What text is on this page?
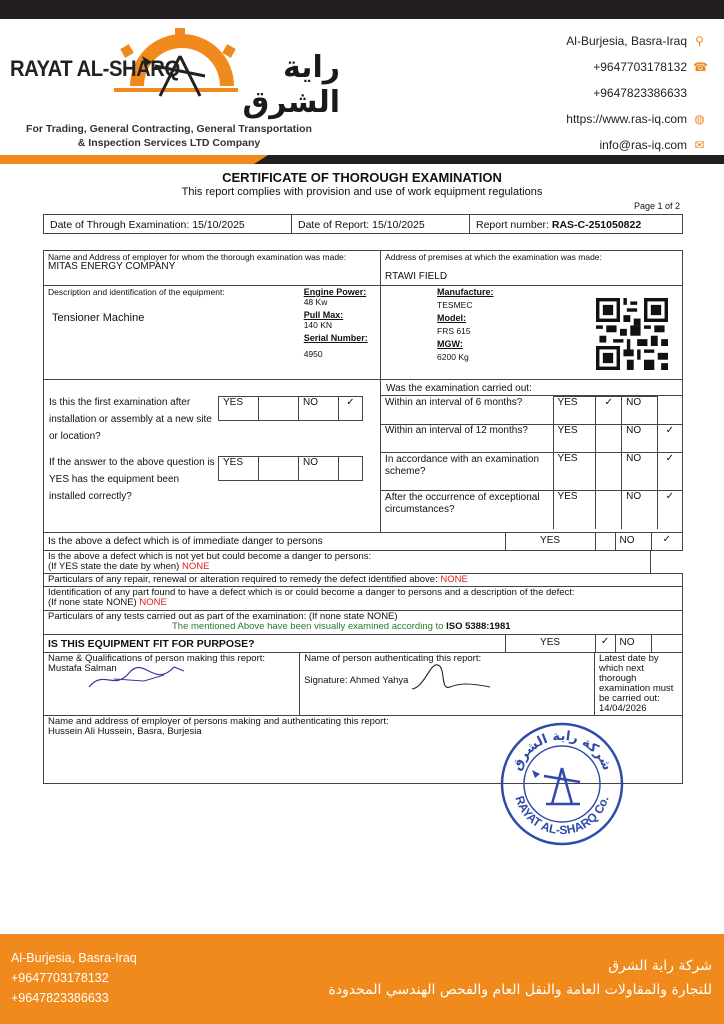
RAYAT AL-SHARQ	راية الشرق
For Trading, General Contracting, General Transportation
& Inspection Services LTD Company
Al-Burjesia, Basra-Iraq ⚲
+9647703178132 ☎
+9647823386633
https://www.ras-iq.com ◍
info@ras-iq.com ✉
CERTIFICATE OF THOROUGH EXAMINATION
This report complies with provision and use of work equipment regulations
Page 1 of 2
Date of Through Examination: 15/10/2025	Date of Report: 15/10/2025	Report number: RAS-C-251050822
Name and Address of employer for whom the thorough examination was made:
MITAS ENERGY COMPANY

Address of premises at which the examination was made:
RTAWI FIELD

Description and identification of the equipment:
Tensioner Machine

Engine Power:
48 Kw
Pull Max:
140 KN
Serial Number:
4950

Manufacture:
TESMEC
Model:
FRS 615
MGW:
6200 Kg

Is this the first examination after installation or assembly at a new site or location?
YES		NO	✓
If the answer to the above question is YES has the equipment been installed correctly?
YES		NO	

Was the examination carried out:
Within an interval of 6 months?	YES	✓	NO	
Within an interval of 12 months?	YES		NO	✓
In accordance with an examination scheme?	YES		NO	✓
After the occurrence of exceptional circumstances?	YES		NO	✓

Is the above a defect which is of immediate danger to persons	YES	NO	✓

Is the above a defect which is not yet but could become a danger to persons:
(If YES state the date by when) NONE

Particulars of any repair, renewal or alteration required to remedy the defect identified above: NONE

Identification of any part found to have a defect which is or could become a danger to persons and a description of the defect:
(If none state NONE) NONE

Particulars of any tests carried out as part of the examination: (If none state NONE)
The mentioned Above have been visually examined according to ISO 5388:1981

IS THIS EQUIPMENT FIT FOR PURPOSE?	YES	✓	NO

Name & Qualifications of person making this report:
Mustafa Salman

Name of person authenticating this report:
Signature: Ahmed Yahya

Latest date by which next thorough examination must be carried out:
14/04/2026

Name and address of employer of persons making and authenticating this report:
Hussein Ali Hussein, Basra, Burjesia
شركة راية الشرق
RAYAT AL-SHARQ Co.
Al-Burjesia, Basra-Iraq
+9647703178132
+9647823386633
شركة راية الشرق
للتجارة والمقاولات العامة والنقل العام والفحص الهندسي المحدودة
